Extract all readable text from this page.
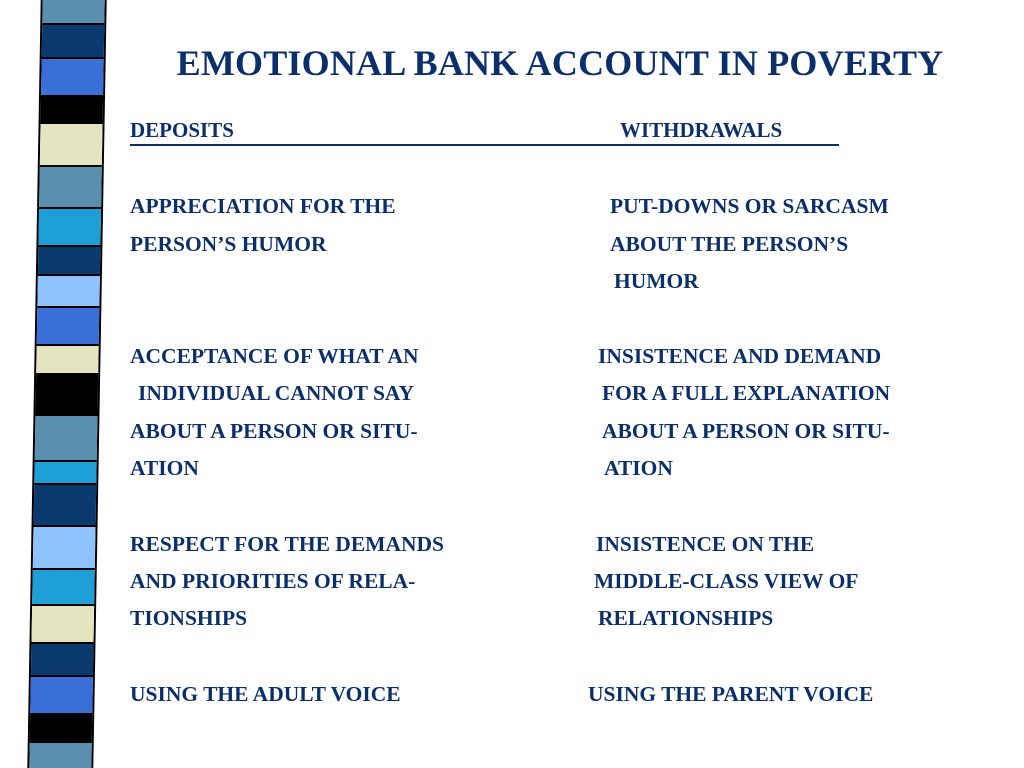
EMOTIONAL BANK ACCOUNT IN POVERTY
DEPOSITS	WITHDRAWALS
APPRECIATION FOR THE
PERSON’S HUMOR
PUT-DOWNS OR SARCASM
ABOUT THE PERSON’S
HUMOR
ACCEPTANCE OF WHAT AN
INDIVIDUAL CANNOT SAY
ABOUT A PERSON OR SITU-
ATION
INSISTENCE AND DEMAND
FOR A FULL EXPLANATION
ABOUT A PERSON OR SITU-
ATION
RESPECT FOR THE DEMANDS
AND PRIORITIES OF RELA-
TIONSHIPS
INSISTENCE ON THE
MIDDLE-CLASS VIEW OF
RELATIONSHIPS
USING THE ADULT VOICE	USING THE PARENT VOICE
